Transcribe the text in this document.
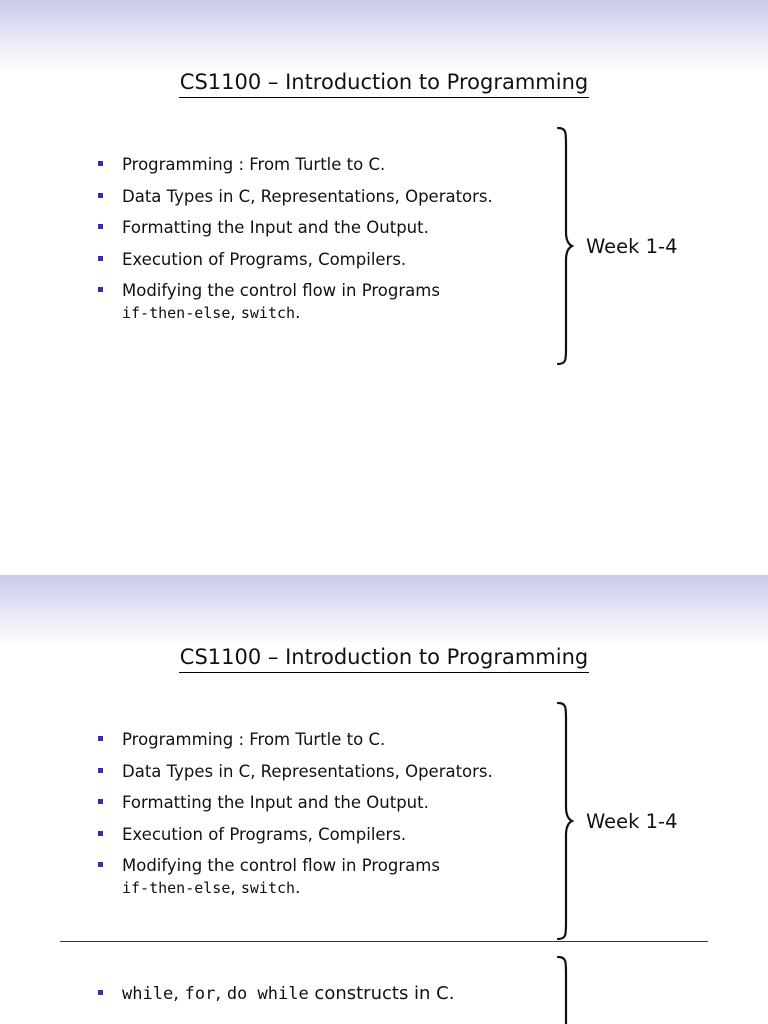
CS1100 – Introduction to Programming
Programming : From Turtle to C.
Data Types in C, Representations, Operators.
Formatting the Input and the Output.
Execution of Programs, Compilers.
Modifying the control flow in Programs
if-then-else, switch.
Week 1-4
CS1100 – Introduction to Programming
Programming : From Turtle to C.
Data Types in C, Representations, Operators.
Formatting the Input and the Output.
Execution of Programs, Compilers.
Modifying the control flow in Programs
if-then-else, switch.
Week 1-4
while, for, do while constructs in C.
